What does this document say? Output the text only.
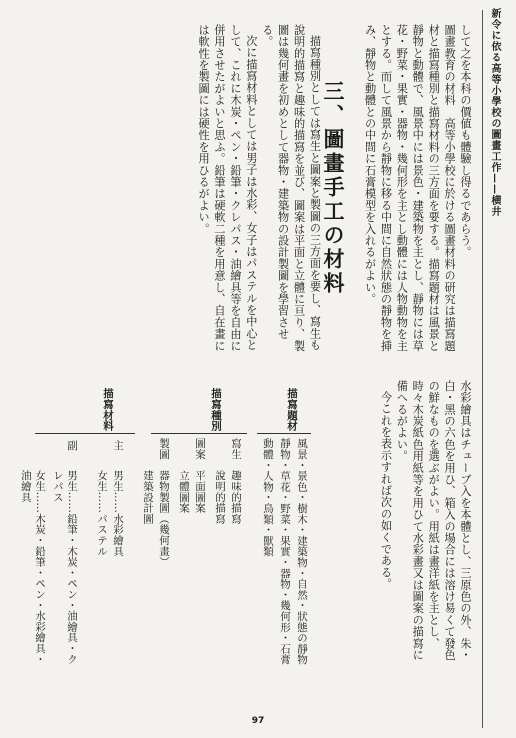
新令に依る高等小學校の圖畫工作——横井

して之を本科の價値も體驗し得るであらう。

圖畫教育の材料　高等小學校に於ける圖畫材料の研究は描寫題材と描寫種別と描寫材料の三方面を要する。描寫題材は風景と靜物と動體で、風景中には景色・建築物を主とし、靜物には草花・野菜・果實・器物・幾何形を主とし動體には人物動物を主とする。而して風景から靜物に移る中間に自然狀態の靜物を挿み、靜物と動體との中間に石膏模型を入れるがよい。

描寫種別としては寫生と圖案と製圖の三方面を要し、寫生も說明的描寫と趣味的描寫を並び、圖案は平面と立體に亘り、製圖は幾何畫を初めとして器物・建築物の設計製圖を學習させる。

次に描寫材料としては男子は水彩、女子はパステルを中心として、これに木炭・ペン・鉛筆・クレパス・油繪具等を自由に併用させたがよいと思ふ。鉛筆は硬軟二種を用意し、自在畫には軟性を製圖には硬性を用ひるがよい。	三、圖畫手工の材料

水彩繪具はチューブ入を本體とし、三原色の外、朱・白・黑の六色を用ひ、箱入の場合には溶け易くて發色の鮮なものを選ぶがよい。用紙は畫洋紙を主とし、時々木炭紙色用紙等を用ひて水彩畫又は圖案の描寫に備へるがよい。

今これを表示すれば次の如くである。

描寫題材
風景・景色・樹木・建築物・自然・狀態の靜物
靜物・草花・野菜・果實・器物・幾何形・石膏
動體・人物・鳥類・獸類
描寫種別
寫生
趣味的描寫
說明的描寫
圖案
平面圖案
立體圖案
製圖
器物製圖（幾何畫）
建築設計圖
描寫材料
主
男生……水彩繪具
女生……パステル
副
男生……鉛筆・木炭・ペン・油繪具・クレパス
女生……木炭・鉛筆・ペン・水彩繪具・油繪具
97
